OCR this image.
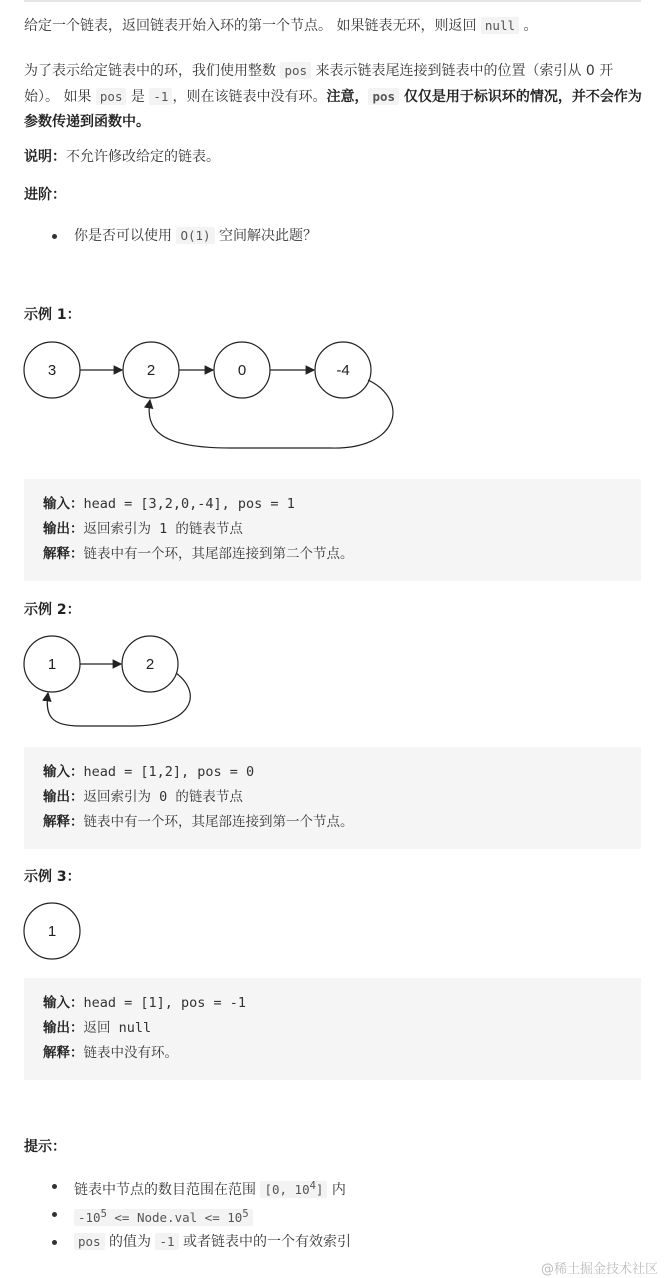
给定一个链表，返回链表开始入环的第一个节点。 如果链表无环，则返回 null 。

为了表示给定链表中的环，我们使用整数 pos 来表示链表尾连接到链表中的位置（索引从 0 开始）。 如果 pos 是 -1 ，则在该链表中没有环。注意， pos 仅仅是用于标识环的情况，并不会作为参数传递到函数中。

说明：不允许修改给定的链表。

进阶：
你是否可以使用 O(1) 空间解决此题？
示例 1：
3	2	0	-4
输入：head = [3,2,0,-4], pos = 1
输出：返回索引为 1 的链表节点
解释：链表中有一个环，其尾部连接到第二个节点。
示例 2：
1	2
输入：head = [1,2], pos = 0
输出：返回索引为 0 的链表节点
解释：链表中有一个环，其尾部连接到第一个节点。
示例 3：
1
输入：head = [1], pos = -1
输出：返回 null
解释：链表中没有环。
提示：
链表中节点的数目范围在范围 [0, $10^4$] 内
$-10^5$ <= Node.val <= $10^5$
pos 的值为 -1 或者链表中的一个有效索引
@稀土掘金技术社区
